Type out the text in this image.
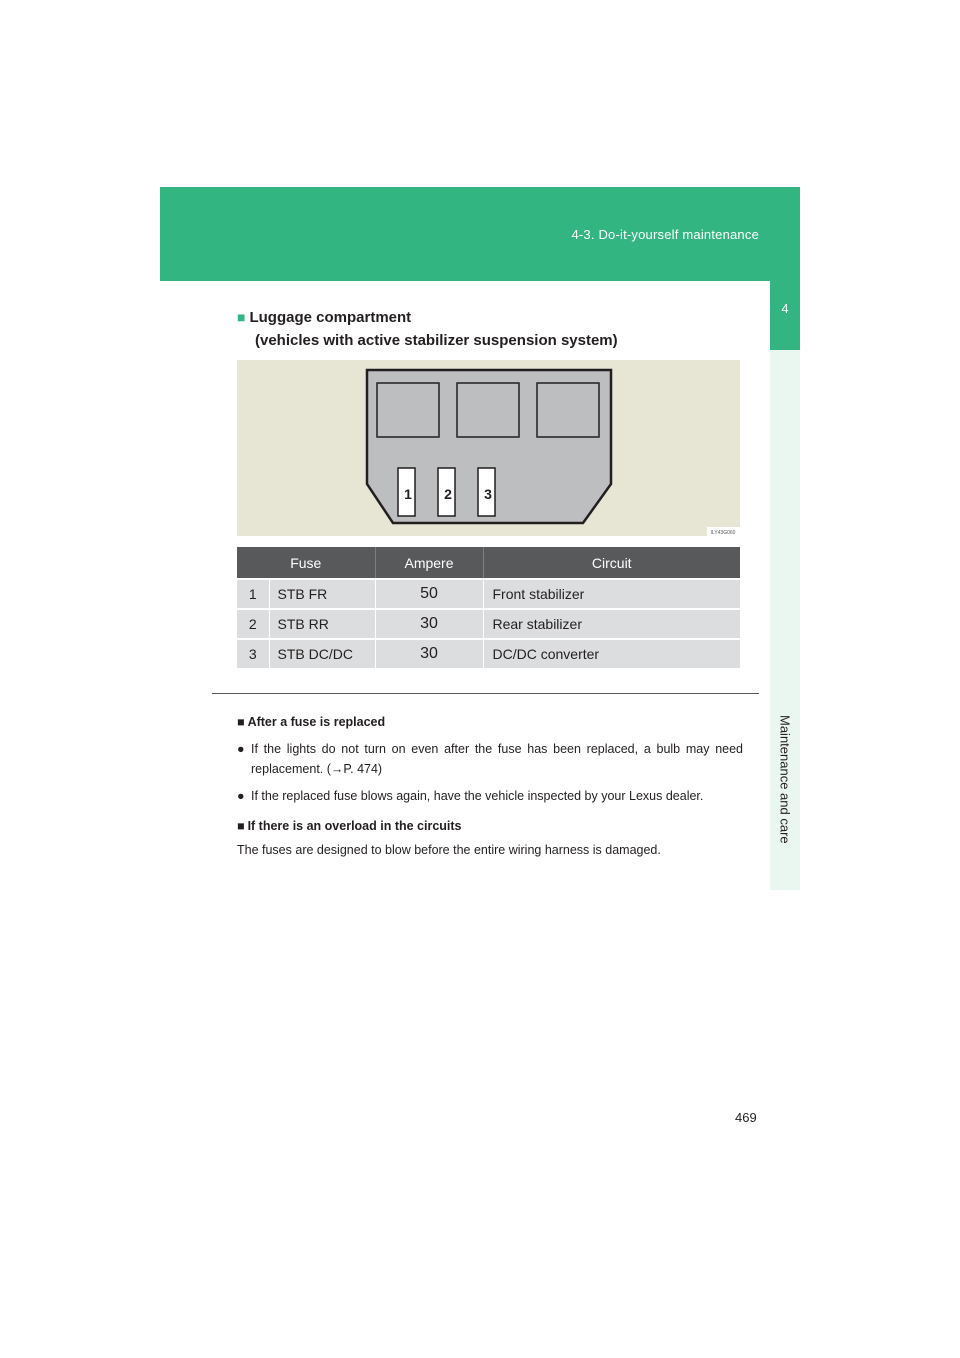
4-3. Do-it-yourself maintenance
4
Maintenance and care
■ Luggage compartment
(vehicles with active stabilizer suspension system)
1 2 3
ILY43G060
Fuse		Ampere	Circuit
1	STB FR	50	Front stabilizer
2	STB RR	30	Rear stabilizer
3	STB DC/DC	30	DC/DC converter

■ After a fuse is replaced

● If the lights do not turn on even after the fuse has been replaced, a bulb may need replacement. (→P. 474)
● If the replaced fuse blows again, have the vehicle inspected by your Lexus dealer.

■ If there is an overload in the circuits

The fuses are designed to blow before the entire wiring harness is damaged.

469
